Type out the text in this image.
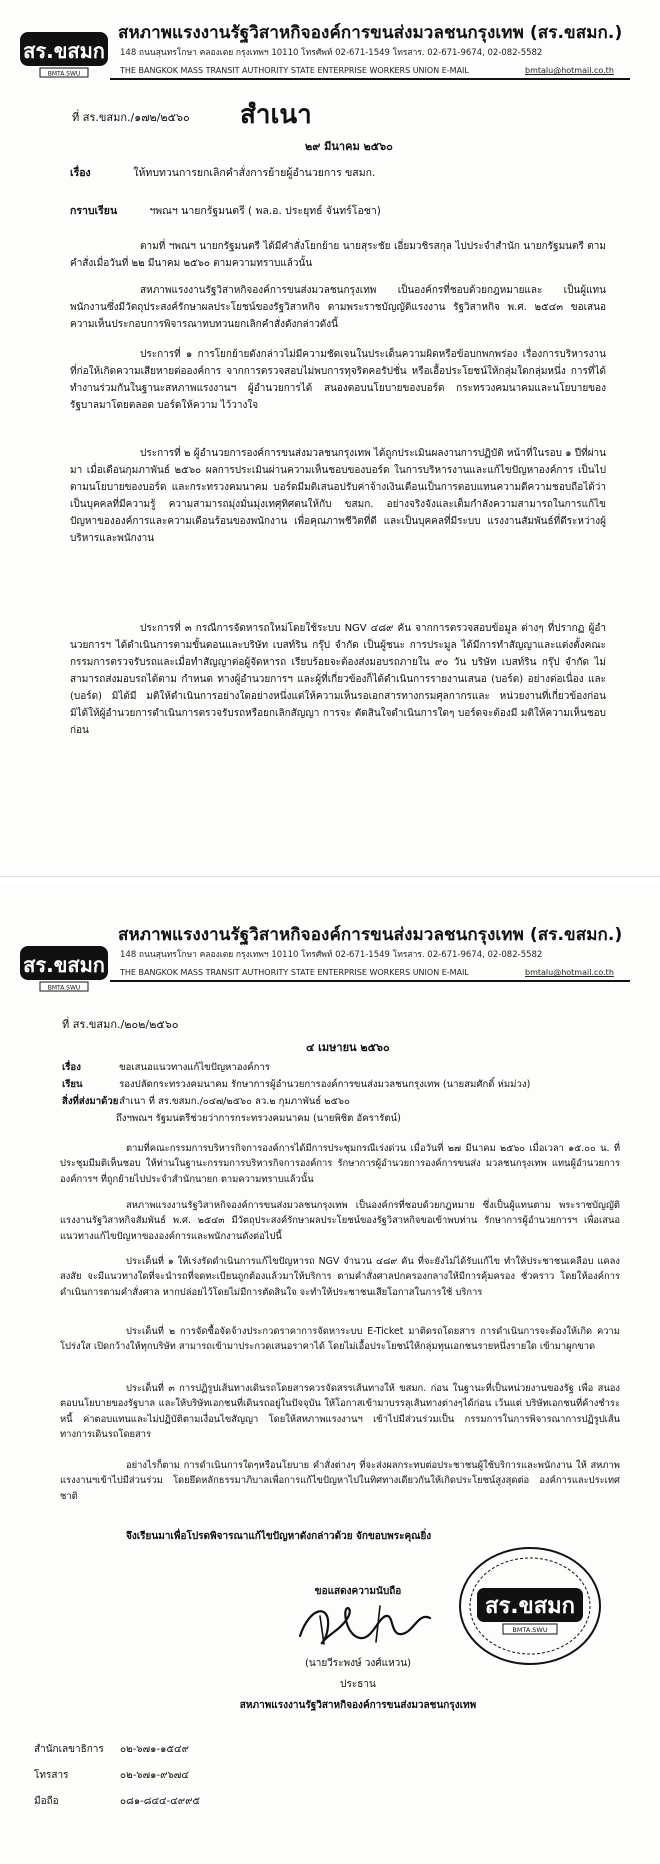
สร.ขสมก
BMTA.SWU
สหภาพแรงงานรัฐวิสาหกิจองค์การขนส่งมวลชนกรุงเทพ (สร.ขสมก.)
148 ถนนสุนทรโกษา คลองเตย กรุงเทพฯ 10110 โทรศัพท์ 02-671-1549 โทรสาร. 02-671-9674, 02-082-5582
THE BANGKOK MASS TRANSIT AUTHORITY STATE ENTERPRISE WORKERS UNION E-MAIL	bmtalu@hotmail.co.th
ที่ สร.ขสมก./๑๗๒/๒๕๖๐ สำเนา
๒๙ มีนาคม ๒๕๖๐
เรื่อง	ให้ทบทวนการยกเลิกคำสั่งการย้ายผู้อำนวยการ ขสมก.
กราบเรียน	ฯพณฯ นายกรัฐมนตรี ( พล.อ. ประยุทธ์ จันทร์โอชา)
ตามที่ ฯพณฯ นายกรัฐมนตรี ได้มีคำสั่งโยกย้าย นายสุระชัย เอี่ยมวชิรสกุล ไปประจำสำนัก นายกรัฐมนตรี ตามคำสั่งเมื่อวันที่ ๒๒ มีนาคม ๒๕๖๐ ตามความทราบแล้วนั้น
สหภาพแรงงานรัฐวิสาหกิจองค์การขนส่งมวลชนกรุงเทพ เป็นองค์กรที่ชอบด้วยกฎหมายและ เป็นผู้แทนพนักงานซึ่งมีวัตถุประสงค์รักษาผลประโยชน์ของรัฐวิสาหกิจ ตามพระราชบัญญัติแรงงาน รัฐวิสาหกิจ พ.ศ. ๒๕๔๓ ขอเสนอความเห็นประกอบการพิจารณาทบทวนยกเลิกคำสั่งดังกล่าวดังนี้
ประการที่ ๑ การโยกย้ายดังกล่าวไม่มีความชัดเจนในประเด็นความผิดหรือข้อบกพกพร่อง เรื่องการบริหารงานที่ก่อให้เกิดความเสียหายต่อองค์การ จากการตรวจสอบไม่พบการทุจริตคอรัปชั่น หรือเอื้อประโยชน์ให้กลุ่มใดกลุ่มหนึ่ง การที่ได้ทำงานร่วมกันในฐานะสหภาพแรงงานฯ ผู้อำนวยการได้ สนองตอบนโยบายของบอร์ด กระทรวงคมนาคมและนโยบายของรัฐบาลมาโดยตลอด บอร์ดให้ความ ไว้วางใจ
ประการที่ ๒ ผู้อำนวยการองค์การขนส่งมวลชนกรุงเทพ ได้ถูกประเมินผลงานการปฏิบัติ หน้าที่ในรอบ ๑ ปีที่ผ่านมา เมื่อเดือนกุมภาพันธ์ ๒๕๖๐ ผลการประเมินผ่านความเห็นชอบของบอร์ด ในการบริหารงานและแก้ไขปัญหาองค์การ เป็นไปตามนโยบายของบอร์ด และกระทรวงคมนาคม บอร์ดมีมติเสนอปรับค่าจ้างเงินเดือนเป็นการตอบแทนความดีความชอบถือได้ว่าเป็นบุคคลที่มีความรู้ ความสามารถมุ่งมั่นมุ่งเทศุทิศตนให้กับ ขสมก. อย่างจริงจังและเต็มกำลังความสามารถในการแก้ไข ปัญหาขององค์การและความเดือนร้อนของพนักงาน เพื่อคุณภาพชีวิตที่ดี และเป็นบุคคลที่มีระบบ แรงงานสัมพันธ์ที่ดีระหว่างผู้บริหารและพนักงาน
ประการที่ ๓ กรณีการจัดหารถใหม่โดยใช้ระบบ NGV ๔๘๙ คัน จากการตรวจสอบข้อมูล ต่างๆ ที่ปรากฏ ผู้อำนวยการฯ ได้ดำเนินการตามขั้นตอนและบริษัท เบสท์ริน กรุ๊ป จำกัด เป็นผู้ชนะ การประมูล ได้มีการทำสัญญาและแต่งตั้งคณะกรรมการตรวจรับรถและเมื่อทำสัญญาต่อผู้จัดหารถ เรียบร้อยจะต้องส่งมอบรถภายใน ๙๐ วัน บริษัท เบสท์ริน กรุ๊ป จำกัด ไม่สามารถส่งมอบรถได้ตาม กำหนด ทางผู้อำนวยการฯ และผู้ที่เกี่ยวข้องก็ได้ดำเนินการรายงานเสนอ (บอร์ด) อย่างต่อเนื่อง และ (บอร์ด) มิได้มี มติให้ดำเนินการอย่างใดอย่างหนึ่งแต่ให้ความเห็นรอเอกสารทางกรมศุลกากรและ หน่วยงานที่เกี่ยวข้องก่อน มิได้ให้ผู้อำนวยการดำเนินการตรวจรับรถหรือยกเลิกสัญญา การจะ ตัดสินใจดำเนินการใดๆ บอร์ดจะต้องมี มติให้ความเห็นชอบก่อน
สร.ขสมก
BMTA.SWU
สหภาพแรงงานรัฐวิสาหกิจองค์การขนส่งมวลชนกรุงเทพ (สร.ขสมก.)
148 ถนนสุนทรโกษา คลองเตย กรุงเทพฯ 10110 โทรศัพท์ 02-671-1549 โทรสาร. 02-671-9674, 02-082-5582
THE BANGKOK MASS TRANSIT AUTHORITY STATE ENTERPRISE WORKERS UNION E-MAIL	bmtalu@hotmail.co.th
ที่ สร.ขสมก./๒๐๒/๒๕๖๐
๔ เมษายน ๒๕๖๐
เรื่อง	ขอเสนอแนวทางแก้ไขปัญหาองค์การ
เรียน	รองปลัดกระทรวงคมนาคม รักษาการผู้อำนวยการองค์การขนส่งมวลชนกรุงเทพ (นายสมศักดิ์ ห่มม่วง)
สิ่งที่ส่งมาด้วย สำเนา ที่ สร.ขสมก./๐๔๗/๒๕๖๐ ลว.๒ กุมภาพันธ์ ๒๕๖๐
ถึงฯพณฯ รัฐมนตรีช่วยว่าการกระทรวงคมนาคม (นายพิชิต อัครารัตน์)
ตามที่คณะกรรมการบริหารกิจการองค์การได้มีการประชุมกรณีเร่งด่วน เมื่อวันที่ ๒๗ มีนาคม ๒๕๖๐ เมื่อเวลา ๑๕.๐๐ น. ที่ประชุมมีมติเห็นชอบ ให้ท่านในฐานะกรรมการบริหารกิจการองค์การ รักษาการผู้อำนวยการองค์การขนส่ง มวลชนกรุงเทพ แทนผู้อำนวยการองค์การฯ ที่ถูกย้ายไปประจำสำนักนายก ตามความทราบแล้วนั้น
สหภาพแรงงานรัฐวิสาหกิจองค์การขนส่งมวลชนกรุงเทพ เป็นองค์กรที่ชอบด้วยกฎหมาย ซึ่งเป็นผู้แทนตาม พระราชบัญญัติแรงงานรัฐวิสาหกิจสัมพันธ์ พ.ศ. ๒๕๔๓ มีวัตถุประสงค์รักษาผลประโยชน์ของรัฐวิสาหกิจขอเข้าพบท่าน รักษาการผู้อำนวยการฯ เพื่อเสนอแนวทางแก้ไขปัญหาขององค์การและพนักงานดังต่อไปนี้
ประเด็นที่ ๑ ให้เร่งรัดดำเนินการแก้ไขปัญหารถ NGV จำนวน ๔๘๙ คัน ที่จะยังไม่ได้รับแก้ไข ทำให้ประชาชนเคลือบ แคลงสงสัย จะมีแนวทางใดที่จะนำรถที่จดทะเบียนถูกต้องแล้วมาให้บริการ ตามคำสั่งศาลปกครองกลางให้มีการคุ้มครอง ชั่วคราว โดยให้องค์การดำเนินการตามคำสั่งศาล หากปล่อยไว้โดยไม่มีการตัดสินใจ จะทำให้ประชาชนเสียโอกาสในการใช้ บริการ
ประเด็นที่ ๒ การจัดซื้อจัดจ้างประกวดราคาการจัดหาระบบ E-Ticket มาติดรถโดยสาร การดำเนินการจะต้องให้เกิด ความโปร่งใส เปิดกว้างให้ทุกบริษัท สามารถเข้ามาประกวดเสนอราคาได้ โดยไม่เอื้อประโยชน์ให้กลุ่มทุนเอกชนรายหนึ่งรายใด เข้ามาผูกขาด
ประเด็นที่ ๓ การปฏิรูปเส้นทางเดินรถโดยสารควรจัดสรรเส้นทางให้ ขสมก. ก่อน ในฐานะที่เป็นหน่วยงานของรัฐ เพื่อ สนองตอบนโยบายของรัฐบาล และให้บริษัทเอกชนที่เดินรถอยู่ในปัจจุบัน ให้โอกาสเข้ามาบรรลุเส้นทางต่างๆได้ก่อน เว้นแต่ บริษัทเอกชนที่ค้างชำระหนี้ ค่าตอบแทนและไม่ปฏิบัติตามเงื่อนไขสัญญา โดยให้สหภาพแรงงานฯ เข้าไปมีส่วนร่วมเป็น กรรมการในการพิจารณาการปฏิรูปเส้นทางการเดินรถโดยสาร
อย่างไรก็ตาม การดำเนินการใดๆหรือนโยบาย คำสั่งต่างๆ ที่จะส่งผลกระทบต่อประชาชนผู้ใช้บริการและพนักงาน ให้ สหภาพแรงงานฯเข้าไปมีส่วนร่วม โดยยึดหลักธรรมาภิบาลเพื่อการแก้ไขปัญหาไปในทิศทางเดียวกันให้เกิดประโยชน์สูงสุดต่อ องค์การและประเทศชาติ
จึงเรียนมาเพื่อโปรดพิจารณาแก้ไขปัญหาดังกล่าวด้วย จักขอบพระคุณยิ่ง
ขอแสดงความนับถือ
สร.ขสมก
BMTA.SWU
(นายวีระพงษ์ วงศ์แหวน)
ประธาน
สหภาพแรงงานรัฐวิสาหกิจองค์การขนส่งมวลชนกรุงเทพ
สำนักเลขาธิการ ๐๒-๖๗๑-๑๕๔๙
โทรสาร	๐๒-๖๗๑-๙๖๗๔
มือถือ	๐๘๑-๘๔๔-๔๙๙๕
